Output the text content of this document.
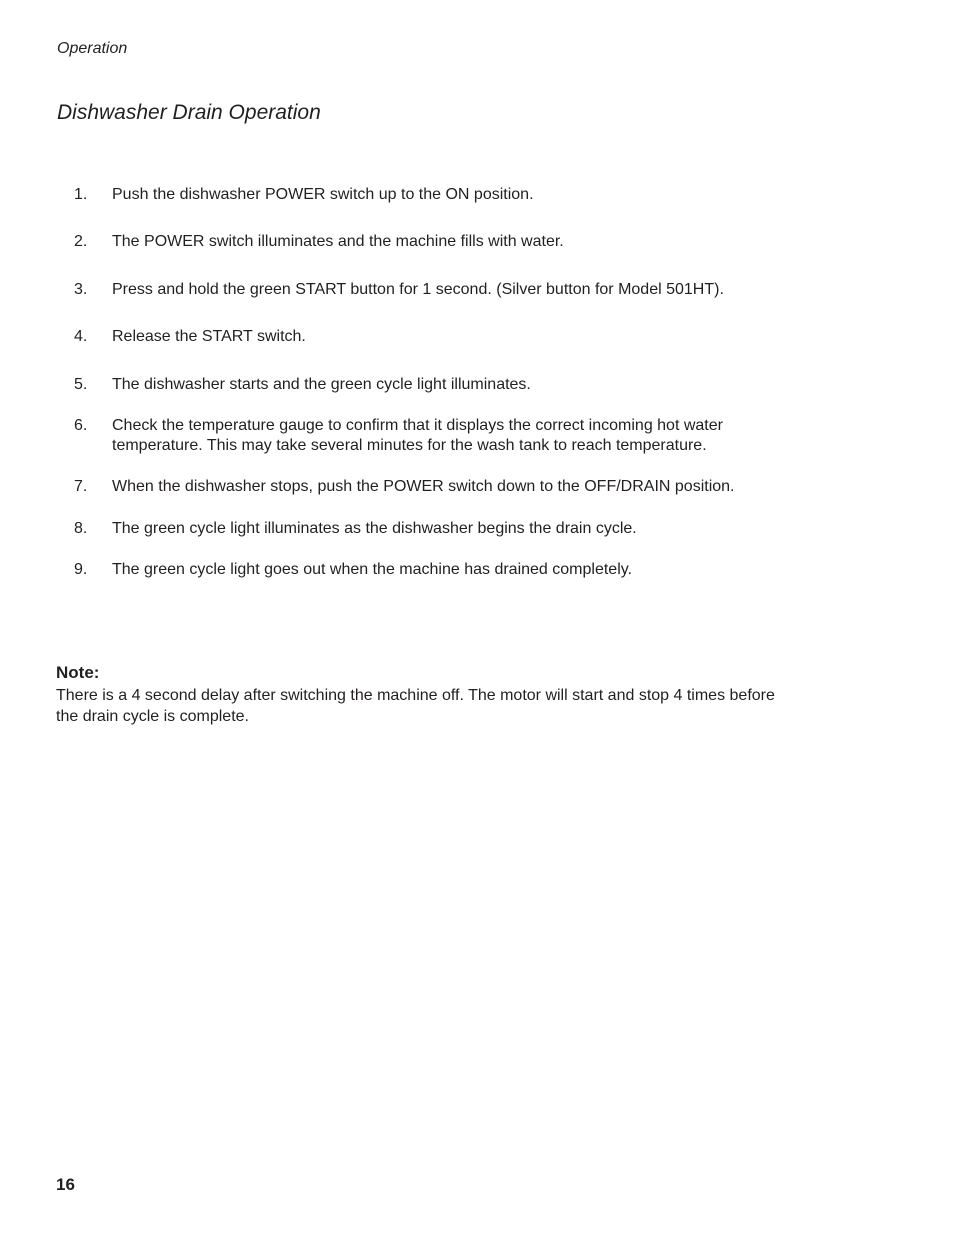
Operation
Dishwasher Drain Operation
1. Push the dishwasher POWER switch up to the ON position.
2. The POWER switch illuminates and the machine fills with water.
3. Press and hold the green START button for 1 second. (Silver button for Model 501HT).
4. Release the START switch.
5. The dishwasher starts and the green cycle light illuminates.
6. Check the temperature gauge to confirm that it displays the correct incoming hot water temperature. This may take several minutes for the wash tank to reach temperature.
7. When the dishwasher stops, push the POWER switch down to the OFF/DRAIN position.
8. The green cycle light illuminates as the dishwasher begins the drain cycle.
9. The green cycle light goes out when the machine has drained completely.
Note:
There is a 4 second delay after switching the machine off. The motor will start and stop 4 times before the drain cycle is complete.
16
